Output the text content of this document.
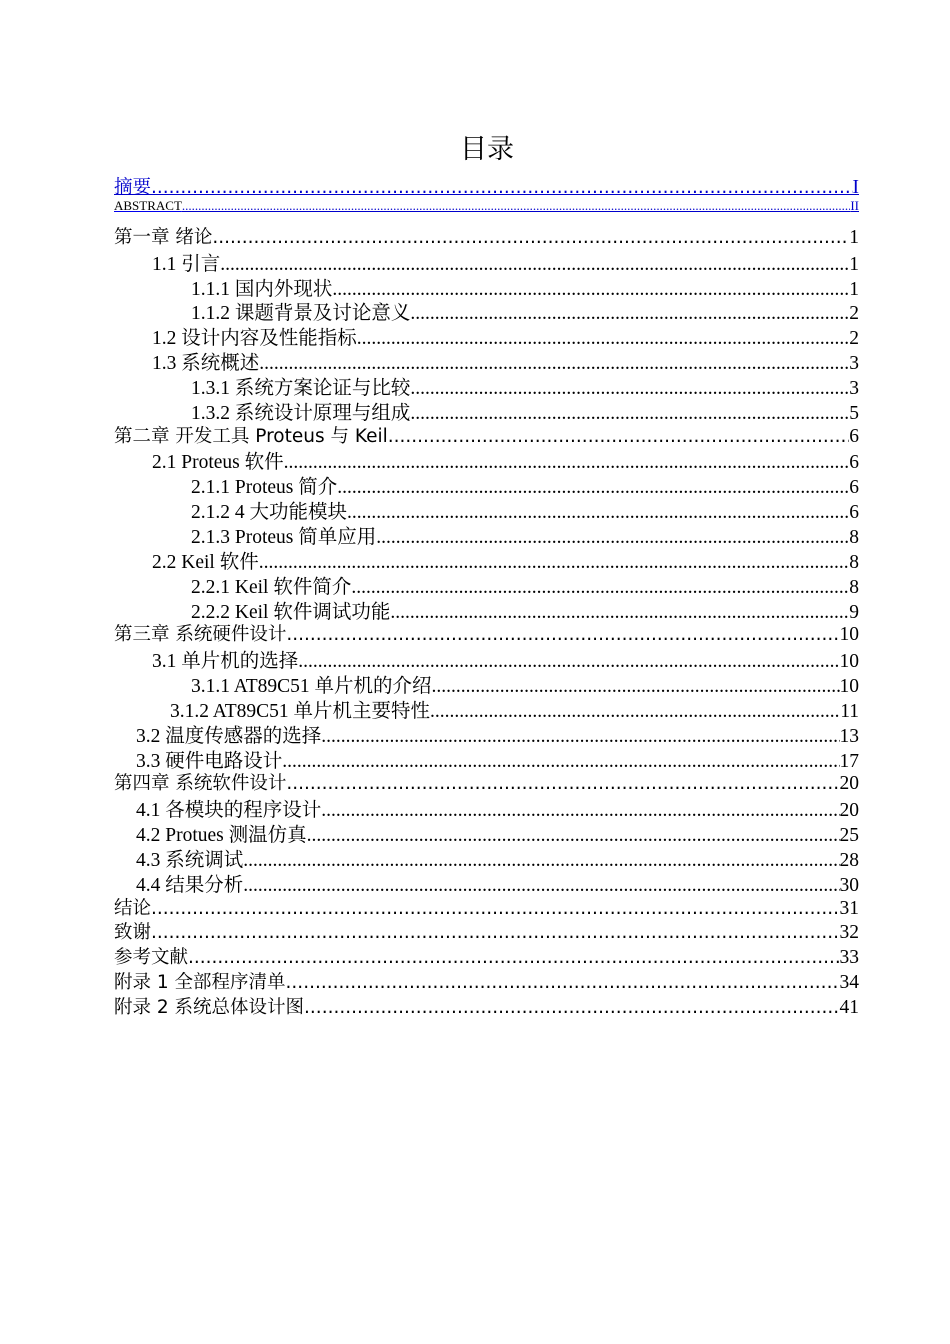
目录
摘要 .....	I
ABSTRACT .....	II
第一章 绪论 .....	1
1.1 引言 .....	1
1.1.1 国内外现状 .....	1
1.1.2 课题背景及讨论意义 .....	2
1.2 设计内容及性能指标 .....	2
1.3 系统概述 .....	3
1.3.1 系统方案论证与比较 .....	3
1.3.2 系统设计原理与组成 .....	5
第二章 开发工具 Proteus 与 Keil .....	6
2.1 Proteus 软件 .....	6
2.1.1 Proteus 简介 .....	6
2.1.2 4 大功能模块 .....	6
2.1.3 Proteus 简单应用 .....	8
2.2 Keil 软件 .....	8
2.2.1 Keil 软件简介 .....	8
2.2.2 Keil 软件调试功能 .....	9
第三章 系统硬件设计 .....	10
3.1 单片机的选择 .....	10
3.1.1 AT89C51 单片机的介绍 .....	10
3.1.2 AT89C51 单片机主要特性 .....	11
3.2 温度传感器的选择 .....	13
3.3 硬件电路设计 .....	17
第四章 系统软件设计 .....	20
4.1 各模块的程序设计 .....	20
4.2 Protues 测温仿真 .....	25
4.3 系统调试 .....	28
4.4 结果分析 .....	30
结论 .....	31
致谢 .....	32
参考文献 .....	33
附录 1 全部程序清单 .....	34
附录 2 系统总体设计图 .....	41
